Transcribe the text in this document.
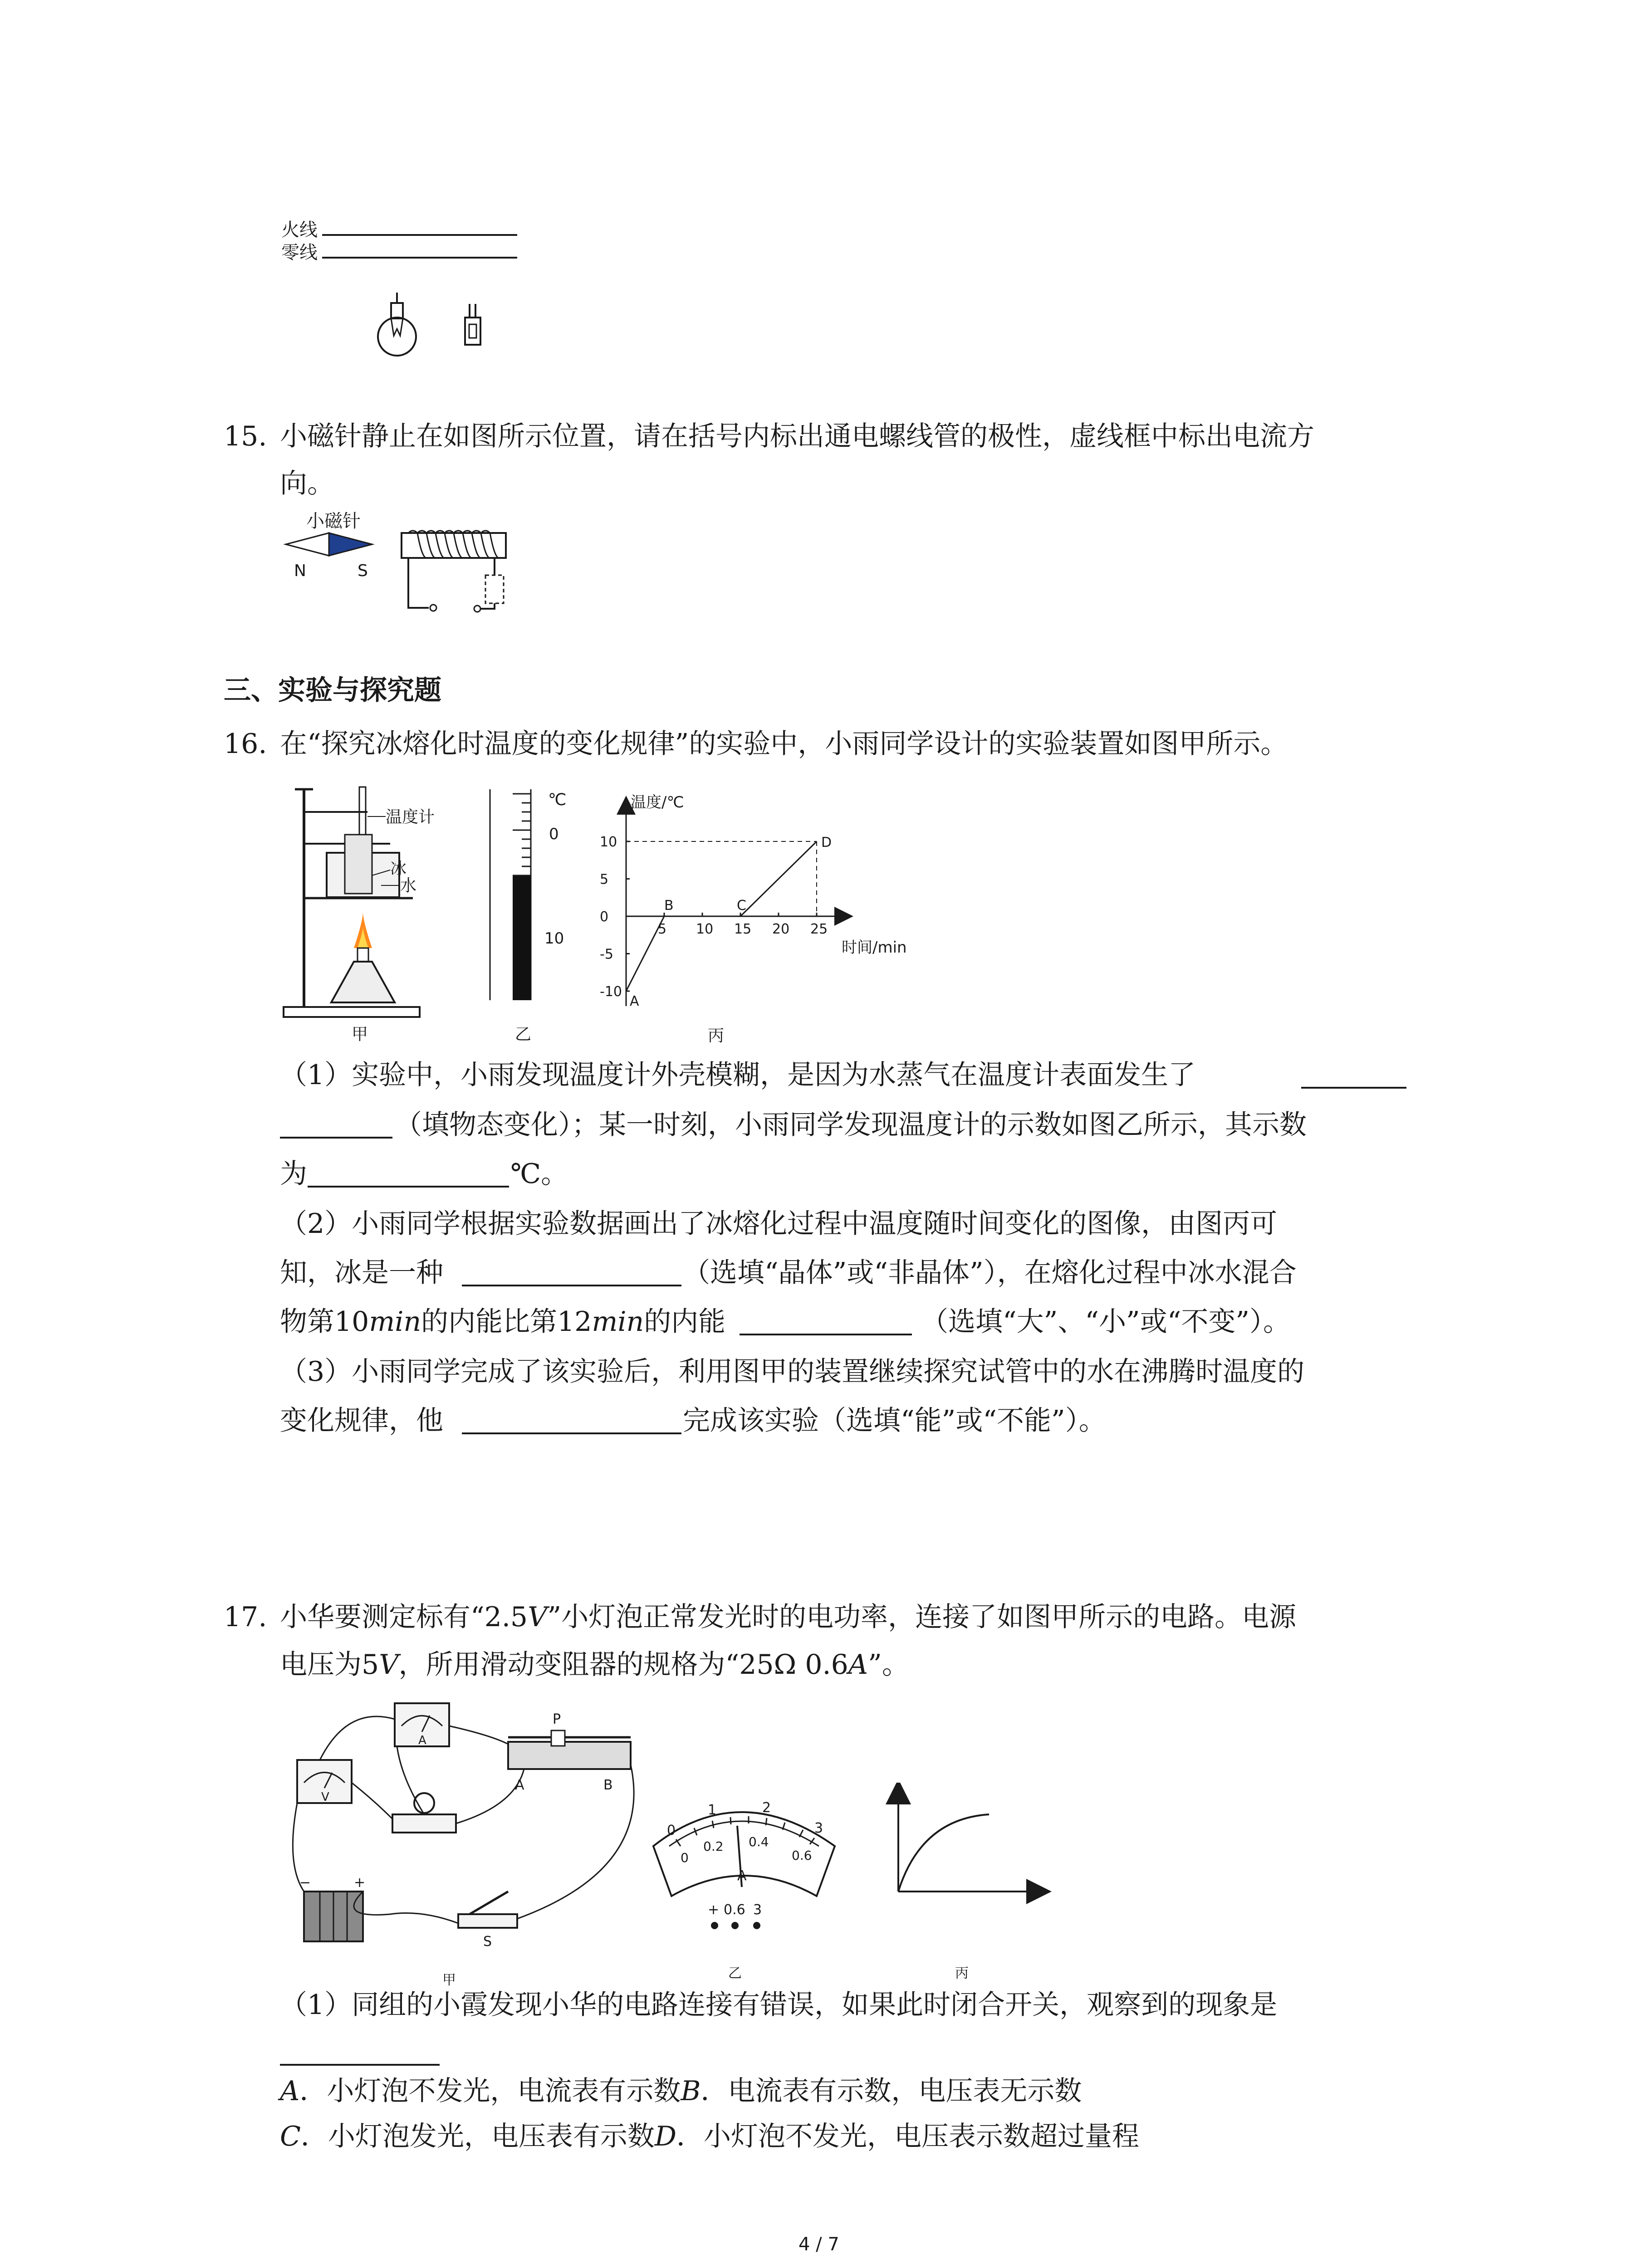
火线
零线
15. 小磁针静止在如图所示位置，请在括号内标出通电螺线管的极性，虚线框中标出电流方
向。
小磁针
N	S
三、实验与探究题
16. 在“探究冰熔化时温度的变化规律”的实验中，小雨同学设计的实验装置如图甲所示。
温度计
冰
水
甲
℃
0
10
乙
5 10 15 20 25
10
5
0
-5
-10
A
B	C
D
温度/℃
时间/min
丙
（1）实验中，小雨发现温度计外壳模糊，是因为水蒸气在温度计表面发生了
（填物态变化）；某一时刻，小雨同学发现温度计的示数如图乙所示，其示数
为	℃。
（2）小雨同学根据实验数据画出了冰熔化过程中温度随时间变化的图像，由图丙可
知，冰是一种	（选填“晶体”或“非晶体”），在熔化过程中冰水混合
物第10min的内能比第12min的内能	（选填“大”、“小”或“不变”）。
（3）小雨同学完成了该实验后，利用图甲的装置继续探究试管中的水在沸腾时温度的
变化规律，他	完成该实验（选填“能”或“不能”）。
17. 小华要测定标有“2.5V”小灯泡正常发光时的电功率，连接了如图甲所示的电路。电源
电压为5V，所用滑动变阻器的规格为“25Ω 0.6A”。
V
A
P
A	B
−	+
S
甲
0
1	2
3
0
0.2 0.4
0.6
A
+ 0.6 3
乙	丙
（1）同组的小霞发现小华的电路连接有错误，如果此时闭合开关，观察到的现象是
A．小灯泡不发光，电流表有示数B．电流表有示数，电压表无示数
C．小灯泡发光，电压表有示数D．小灯泡不发光，电压表示数超过量程
4 / 7
